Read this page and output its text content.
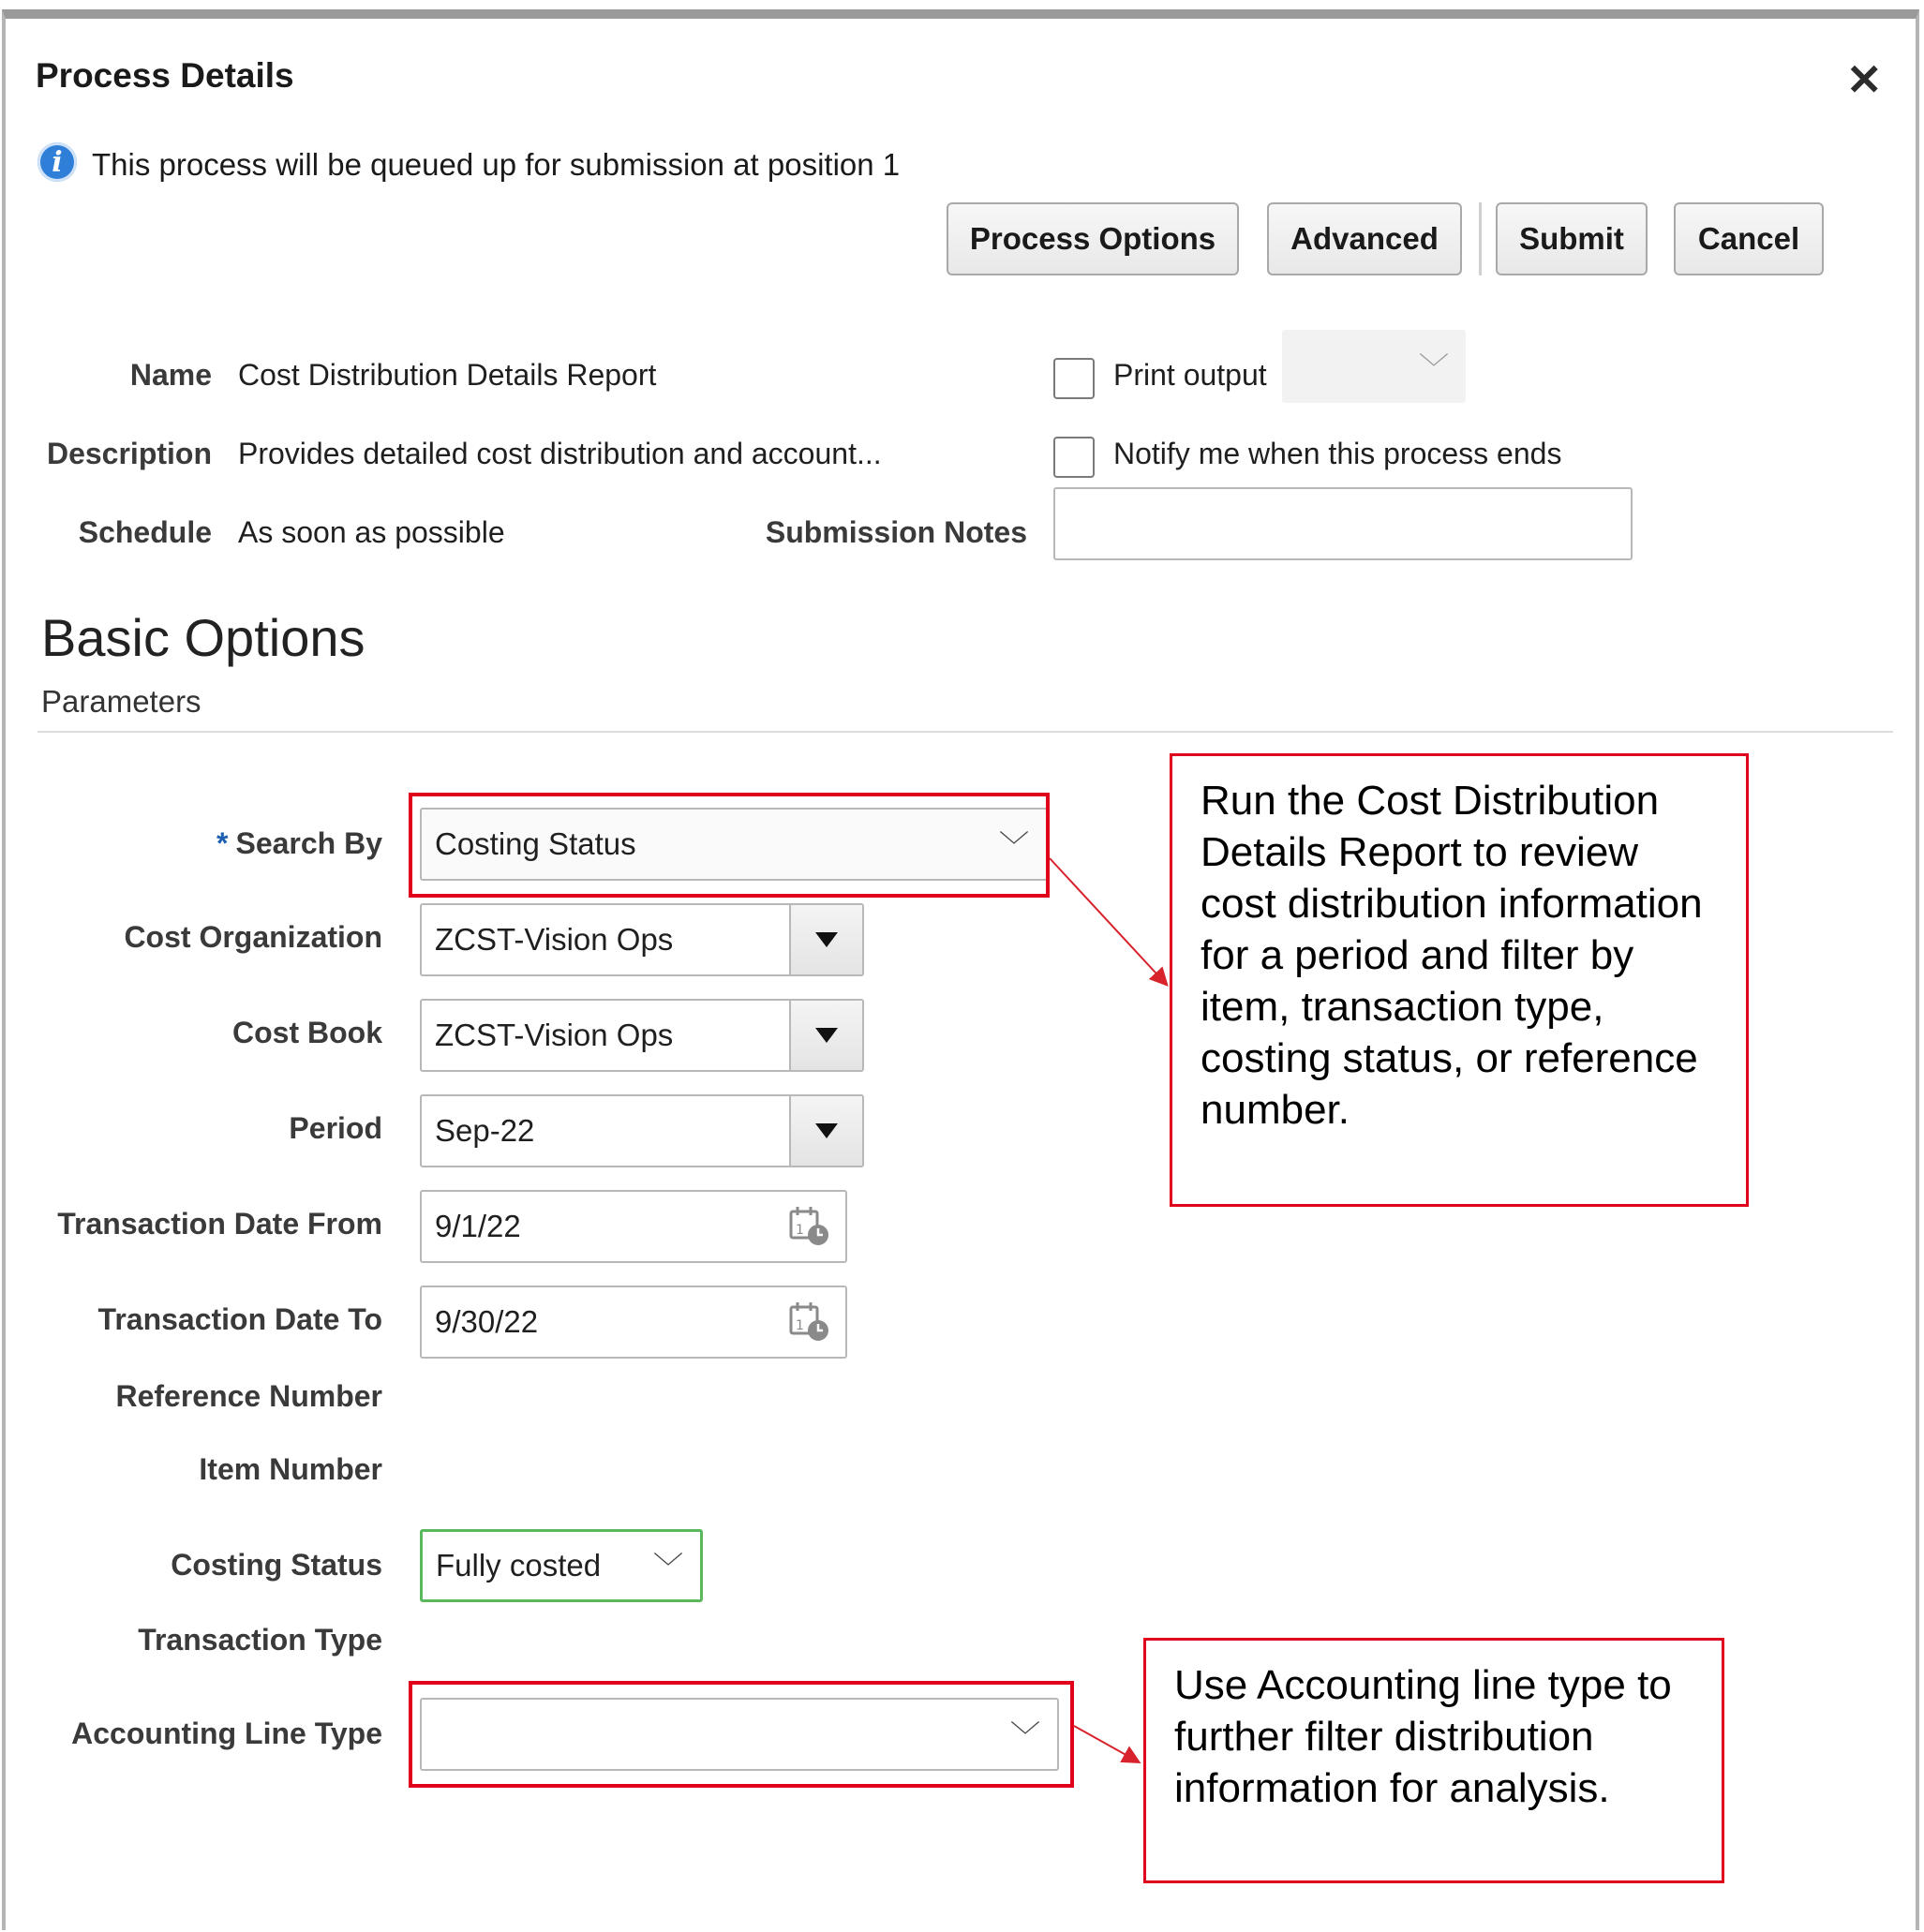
Process Details	✕
i This process will be queued up for submission at position 1
Process Options	Advanced	Submit	Cancel
Name Cost Distribution Details Report
Description Provides detailed cost distribution and account...
Schedule As soon as possible
Print output	﹀
Notify me when this process ends
Submission Notes
Basic Options
Parameters
* Search By Costing Status	﹀
Cost Organization ZCST-Vision Ops
Cost Book ZCST-Vision Ops
Period Sep-22
Transaction Date From 9/1/22	1
Transaction Date To 9/30/22	1
Reference Number
Item Number
Costing Status Fully costed ﹀
Transaction Type
Accounting Line Type	﹀
Run the Cost Distribution Details Report to review cost distribution information for a period and filter by item, transaction type, costing status, or reference number.
Use Accounting line type to further filter distribution information for analysis.
